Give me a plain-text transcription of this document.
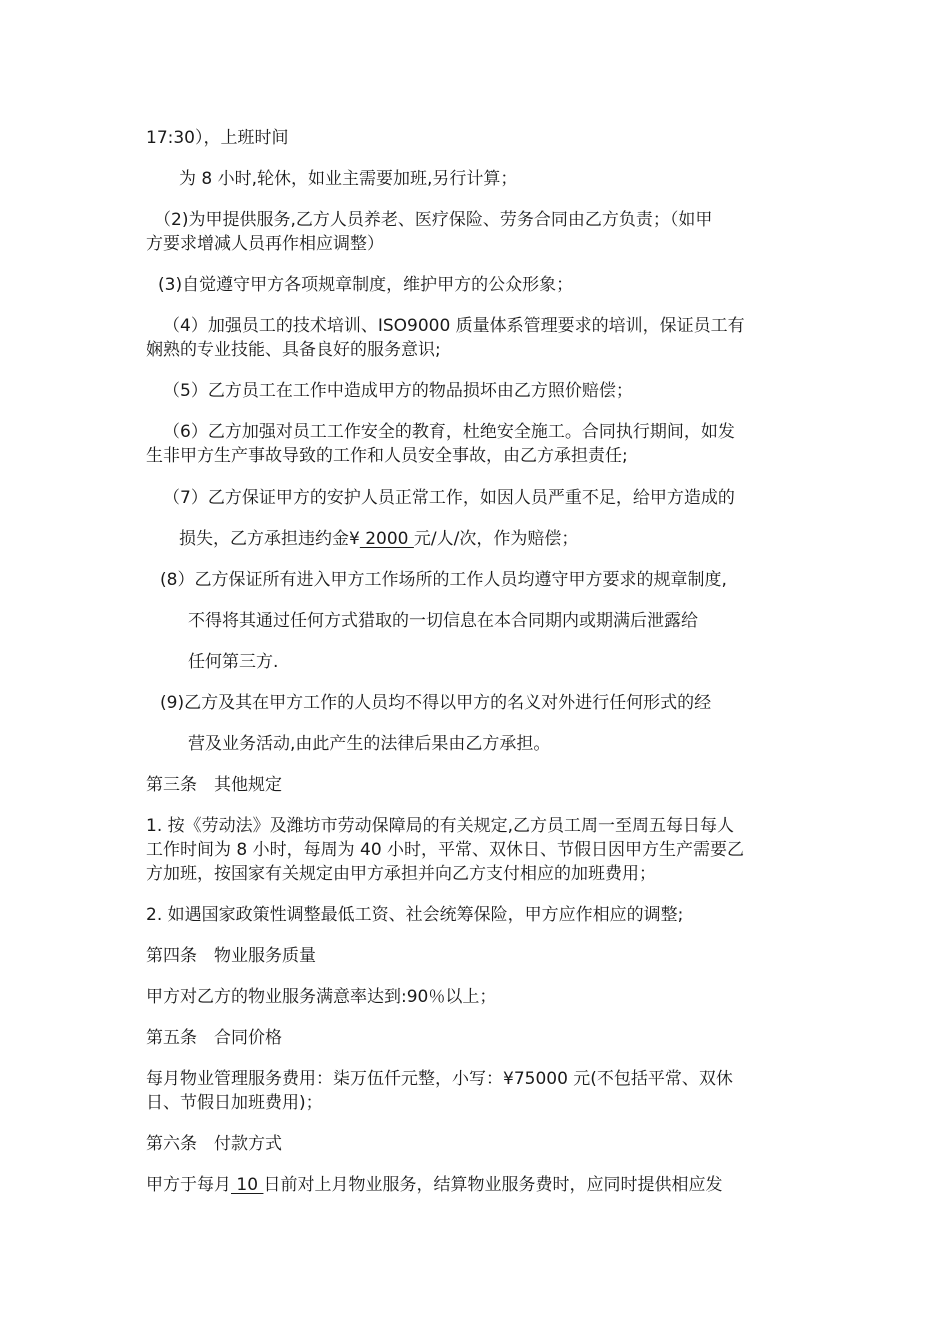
17:30），上班时间
为 8 小时,轮休，如业主需要加班,另行计算；
（2)为甲提供服务,乙方人员养老、医疗保险、劳务合同由乙方负责；（如甲
方要求增减人员再作相应调整）
(3)自觉遵守甲方各项规章制度，维护甲方的公众形象；
（4）加强员工的技术培训、ISO9000 质量体系管理要求的培训，保证员工有
娴熟的专业技能、具备良好的服务意识;
（5）乙方员工在工作中造成甲方的物品损坏由乙方照价赔偿；
（6）乙方加强对员工工作安全的教育，杜绝安全施工。合同执行期间，如发
生非甲方生产事故导致的工作和人员安全事故，由乙方承担责任;
（7）乙方保证甲方的安护人员正常工作，如因人员严重不足，给甲方造成的
损失，乙方承担违约金¥ 2000 元/人/次，作为赔偿；
(8）乙方保证所有进入甲方工作场所的工作人员均遵守甲方要求的规章制度,
不得将其通过任何方式猎取的一切信息在本合同期内或期满后泄露给
任何第三方.
(9)乙方及其在甲方工作的人员均不得以甲方的名义对外进行任何形式的经
营及业务活动,由此产生的法律后果由乙方承担。
第三条　其他规定
1. 按《劳动法》及潍坊市劳动保障局的有关规定,乙方员工周一至周五每日每人
工作时间为 8 小时，每周为 40 小时，平常、双休日、节假日因甲方生产需要乙
方加班，按国家有关规定由甲方承担并向乙方支付相应的加班费用；
2. 如遇国家政策性调整最低工资、社会统筹保险，甲方应作相应的调整;
第四条　物业服务质量
甲方对乙方的物业服务满意率达到:90％以上；
第五条　合同价格
每月物业管理服务费用：柒万伍仟元整，小写：¥75000 元(不包括平常、双休
日、节假日加班费用)；
第六条　付款方式
甲方于每月 10 日前对上月物业服务，结算物业服务费时，应同时提供相应发
